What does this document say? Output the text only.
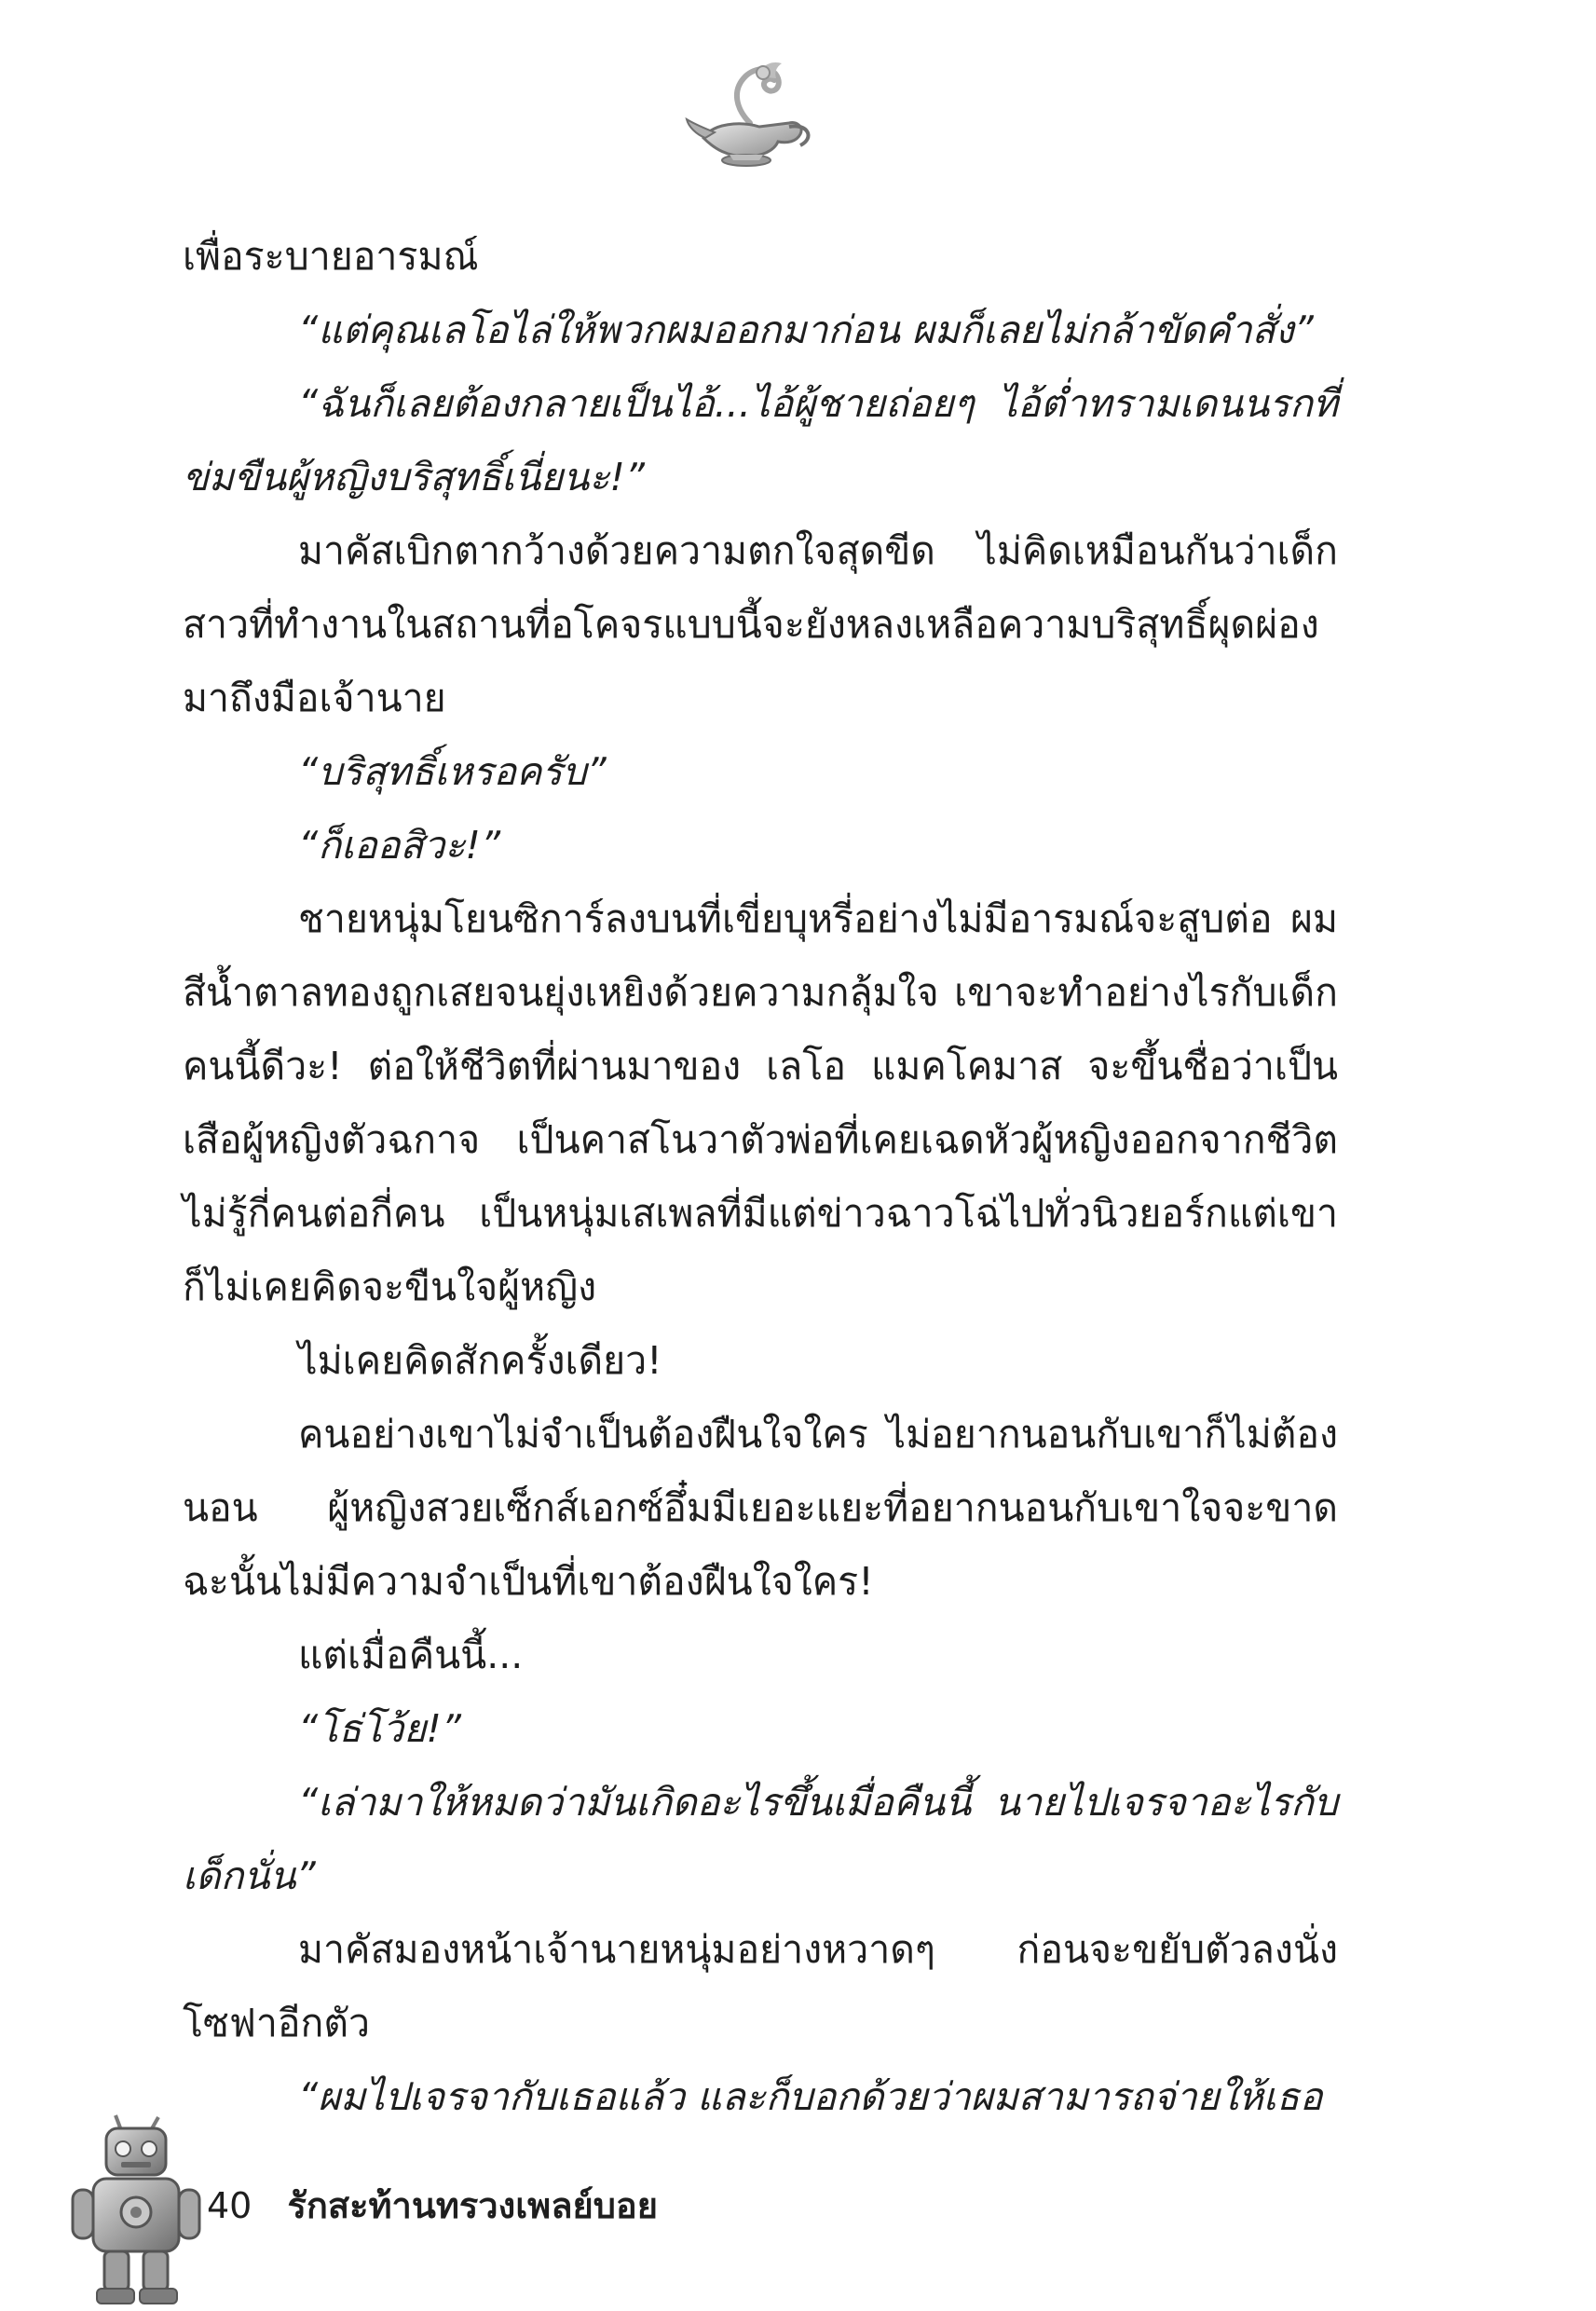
เพื่อระบายอารมณ์

“แต่คุณเลโอไล่ให้พวกผมออกมาก่อน ผมก็เลยไม่กล้าขัดคำสั่ง”

“ฉันก็เลยต้องกลายเป็นไอ้...ไอ้ผู้ชายถ่อยๆ ไอ้ต่ำทรามเดนนรกที่ข่มขืนผู้หญิงบริสุทธิ์เนี่ยนะ!”

มาคัสเบิกตากว้างด้วยความตกใจสุดขีด ไม่คิดเหมือนกันว่าเด็กสาวที่ทำงานในสถานที่อโคจรแบบนี้จะยังหลงเหลือความบริสุทธิ์ผุดผ่องมาถึงมือเจ้านาย

“บริสุทธิ์เหรอครับ”

“ก็เออสิวะ!”

ชายหนุ่มโยนซิการ์ลงบนที่เขี่ยบุหรี่อย่างไม่มีอารมณ์จะสูบต่อ ผมสีน้ำตาลทองถูกเสยจนยุ่งเหยิงด้วยความกลุ้มใจ เขาจะทำอย่างไรกับเด็กคนนี้ดีวะ! ต่อให้ชีวิตที่ผ่านมาของ เลโอ แมคโคมาส จะขึ้นชื่อว่าเป็นเสือผู้หญิงตัวฉกาจ เป็นคาสโนวาตัวพ่อที่เคยเฉดหัวผู้หญิงออกจากชีวิตไม่รู้กี่คนต่อกี่คน เป็นหนุ่มเสเพลที่มีแต่ข่าวฉาวโฉ่ไปทั่วนิวยอร์กแต่เขาก็ไม่เคยคิดจะขืนใจผู้หญิง

ไม่เคยคิดสักครั้งเดียว!

คนอย่างเขาไม่จำเป็นต้องฝืนใจใคร ไม่อยากนอนกับเขาก็ไม่ต้องนอน ผู้หญิงสวยเซ็กส์เอกซ์อึ๋มมีเยอะแยะที่อยากนอนกับเขาใจจะขาดฉะนั้นไม่มีความจำเป็นที่เขาต้องฝืนใจใคร!

แต่เมื่อคืนนี้...

“โธ่โว้ย!”

“เล่ามาให้หมดว่ามันเกิดอะไรขึ้นเมื่อคืนนี้ นายไปเจรจาอะไรกับเด็กนั่น”

มาคัสมองหน้าเจ้านายหนุ่มอย่างหวาดๆ ก่อนจะขยับตัวลงนั่งโซฟาอีกตัว

“ผมไปเจรจากับเธอแล้ว และก็บอกด้วยว่าผมสามารถจ่ายให้เธอ

40 รักสะท้านทรวงเพลย์บอย
